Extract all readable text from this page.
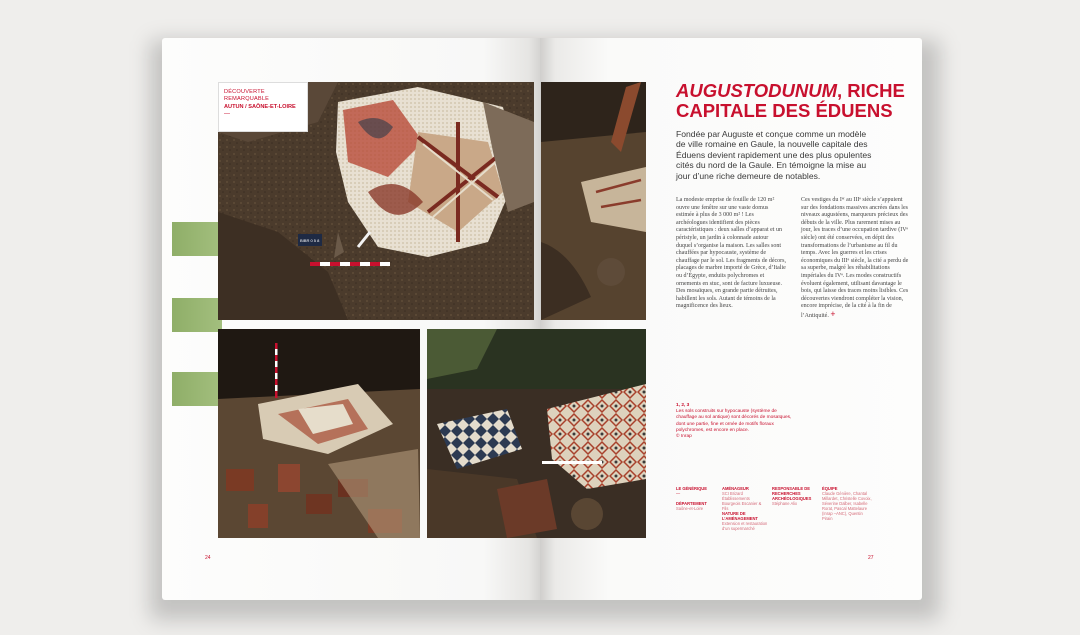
BIBR 0 5 8
DÉCOUVERTE REMARQUABLE
AUTUN / SAÔNE-ET-LOIRE
—
24	27
AUGUSTODUNUM, RICHE CAPITALE DES ÉDUENS
Fondée par Auguste et conçue comme un modèle de ville romaine en Gaule, la nouvelle capitale des Éduens devient rapidement une des plus opulentes cités du nord de la Gaule. En témoigne la mise au jour d’une riche demeure de notables.
La modeste emprise de fouille de 120 m² ouvre une fenêtre sur une vaste domus estimée à plus de 3 000 m² ! Les archéologues identifient des pièces caractéristiques : deux salles d’apparat et un péristyle, un jardin à colonnade autour duquel s’organise la maison. Les salles sont chauffées par hypocauste, système de chauffage par le sol. Les fragments de décors, placages de marbre importé de Grèce, d’Italie ou d’Égypte, enduits polychromes et ornements en stuc, sont de facture luxueuse. Des mosaïques, en grande partie détruites, habillent les sols. Autant de témoins de la magnificence des lieux.
Ces vestiges du Iᵉʳ au IIIᵉ siècle s’appuient sur des fondations massives ancrées dans les niveaux augustéens, marqueurs précieux des débuts de la ville. Plus rarement mises au jour, les traces d’une occupation tardive (IVᵉ siècle) ont été conservées, en dépit des transformations de l’urbanisme au fil du temps. Avec les guerres et les crises économiques du IIIᵉ siècle, la cité a perdu de sa superbe, malgré les réhabilitations impériales du IVᵉ. Les modes constructifs évoluent également, utilisant davantage le bois, qui laisse des traces moins lisibles. Ces découvertes viendront compléter la vision, encore imprécise, de la cité à la fin de l’Antiquité. +
1, 2, 3
Les sols construits sur hypocauste (système de chauffage au sol antique) sont décorés de mosaïques, dont une partie, fine et ornée de motifs floraux polychromes, est encore en place.
© Inrap
LE GÉNÉRIQUE
—

DÉPARTEMENT
Saône-et-Loire
AMÉNAGEUR
SCI Brizard Établissements Bourgeois Escanier & Fils
NATURE DE L’AMÉNAGEMENT
Extension et restauration d’un supermarché
RESPONSABLE DE RECHERCHES ARCHÉOLOGIQUES
Stéphane Alix
ÉQUIPE
Claude Génière, Chantal Millardet, Christelle Covoix, Séverine Dalber, Isabelle Rorat, Pascal Mattelaure (Inrap –ANC), Quentin Pirain
